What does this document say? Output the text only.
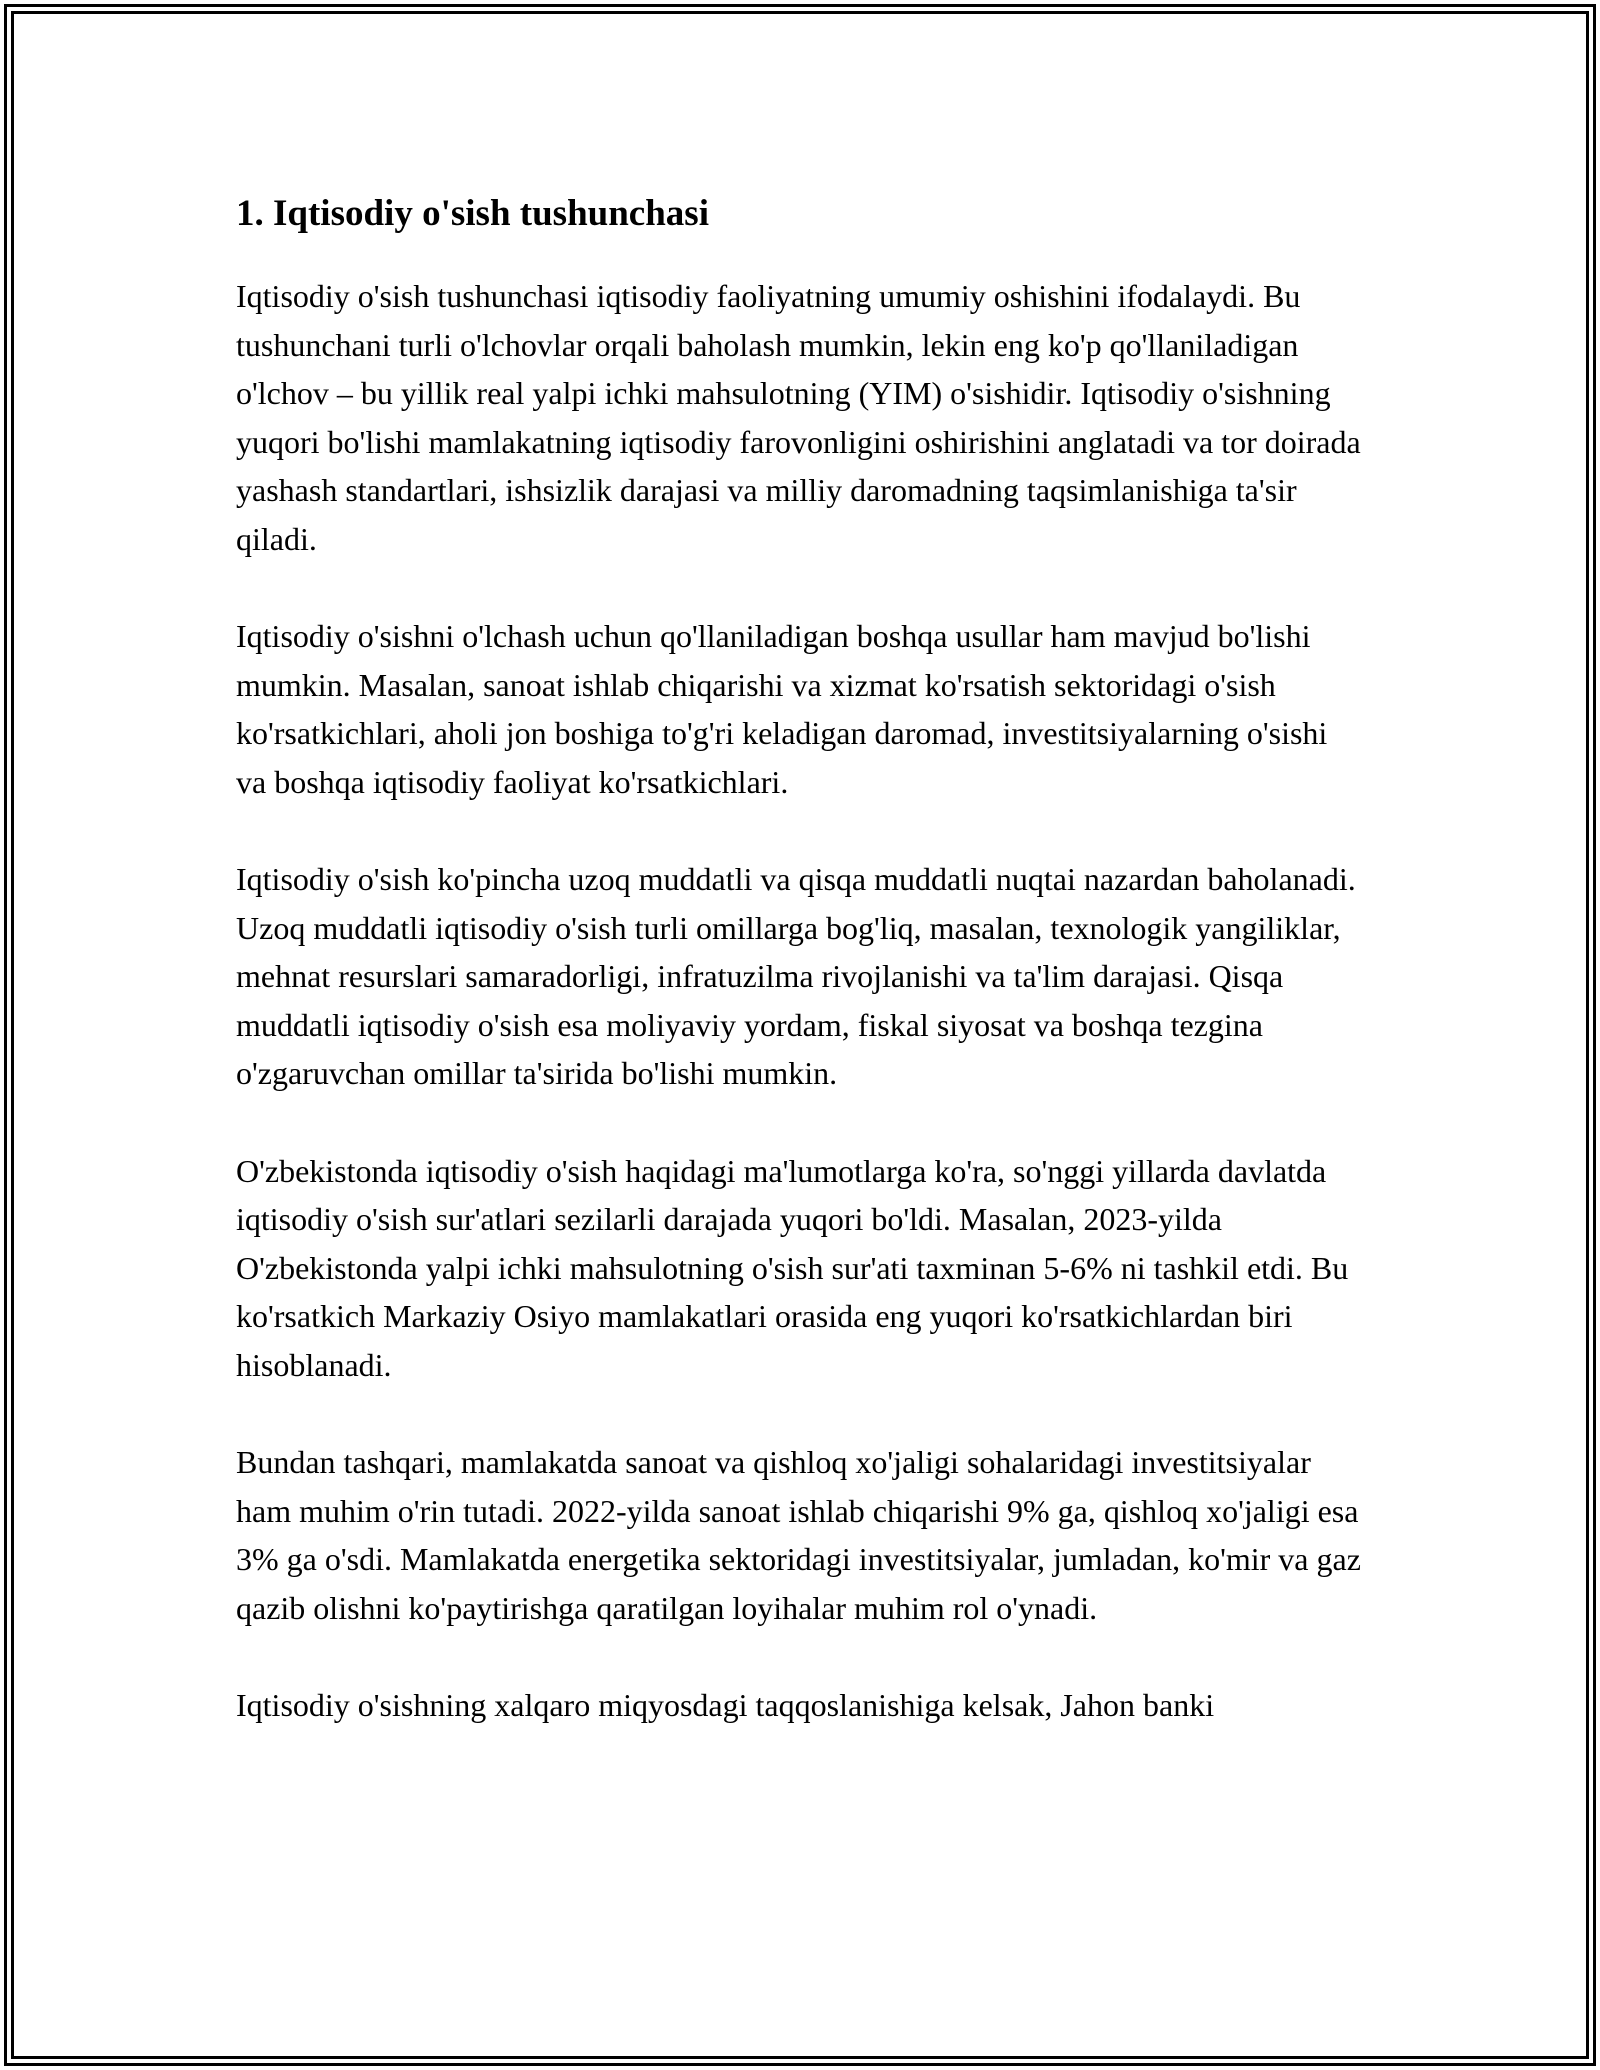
1. Iqtisodiy o'sish tushunchasi

Iqtisodiy o'sish tushunchasi iqtisodiy faoliyatning umumiy oshishini ifodalaydi. Bu tushunchani turli o'lchovlar orqali baholash mumkin, lekin eng ko'p qo'llaniladigan o'lchov – bu yillik real yalpi ichki mahsulotning (YIM) o'sishidir. Iqtisodiy o'sishning yuqori bo'lishi mamlakatning iqtisodiy farovonligini oshirishini anglatadi va tor doirada yashash standartlari, ishsizlik darajasi va milliy daromadning taqsimlanishiga ta'sir qiladi.

Iqtisodiy o'sishni o'lchash uchun qo'llaniladigan boshqa usullar ham mavjud bo'lishi mumkin. Masalan, sanoat ishlab chiqarishi va xizmat ko'rsatish sektoridagi o'sish ko'rsatkichlari, aholi jon boshiga to'g'ri keladigan daromad, investitsiyalarning o'sishi va boshqa iqtisodiy faoliyat ko'rsatkichlari.

Iqtisodiy o'sish ko'pincha uzoq muddatli va qisqa muddatli nuqtai nazardan baholanadi. Uzoq muddatli iqtisodiy o'sish turli omillarga bog'liq, masalan, texnologik yangiliklar, mehnat resurslari samaradorligi, infratuzilma rivojlanishi va ta'lim darajasi. Qisqa muddatli iqtisodiy o'sish esa moliyaviy yordam, fiskal siyosat va boshqa tezgina o'zgaruvchan omillar ta'sirida bo'lishi mumkin.

O'zbekistonda iqtisodiy o'sish haqidagi ma'lumotlarga ko'ra, so'nggi yillarda davlatda iqtisodiy o'sish sur'atlari sezilarli darajada yuqori bo'ldi. Masalan, 2023-yilda O'zbekistonda yalpi ichki mahsulotning o'sish sur'ati taxminan 5-6% ni tashkil etdi. Bu ko'rsatkich Markaziy Osiyo mamlakatlari orasida eng yuqori ko'rsatkichlardan biri hisoblanadi.

Bundan tashqari, mamlakatda sanoat va qishloq xo'jaligi sohalaridagi investitsiyalar ham muhim o'rin tutadi. 2022-yilda sanoat ishlab chiqarishi 9% ga, qishloq xo'jaligi esa 3% ga o'sdi. Mamlakatda energetika sektoridagi investitsiyalar, jumladan, ko'mir va gaz qazib olishni ko'paytirishga qaratilgan loyihalar muhim rol o'ynadi.

Iqtisodiy o'sishning xalqaro miqyosdagi taqqoslanishiga kelsak, Jahon banki
